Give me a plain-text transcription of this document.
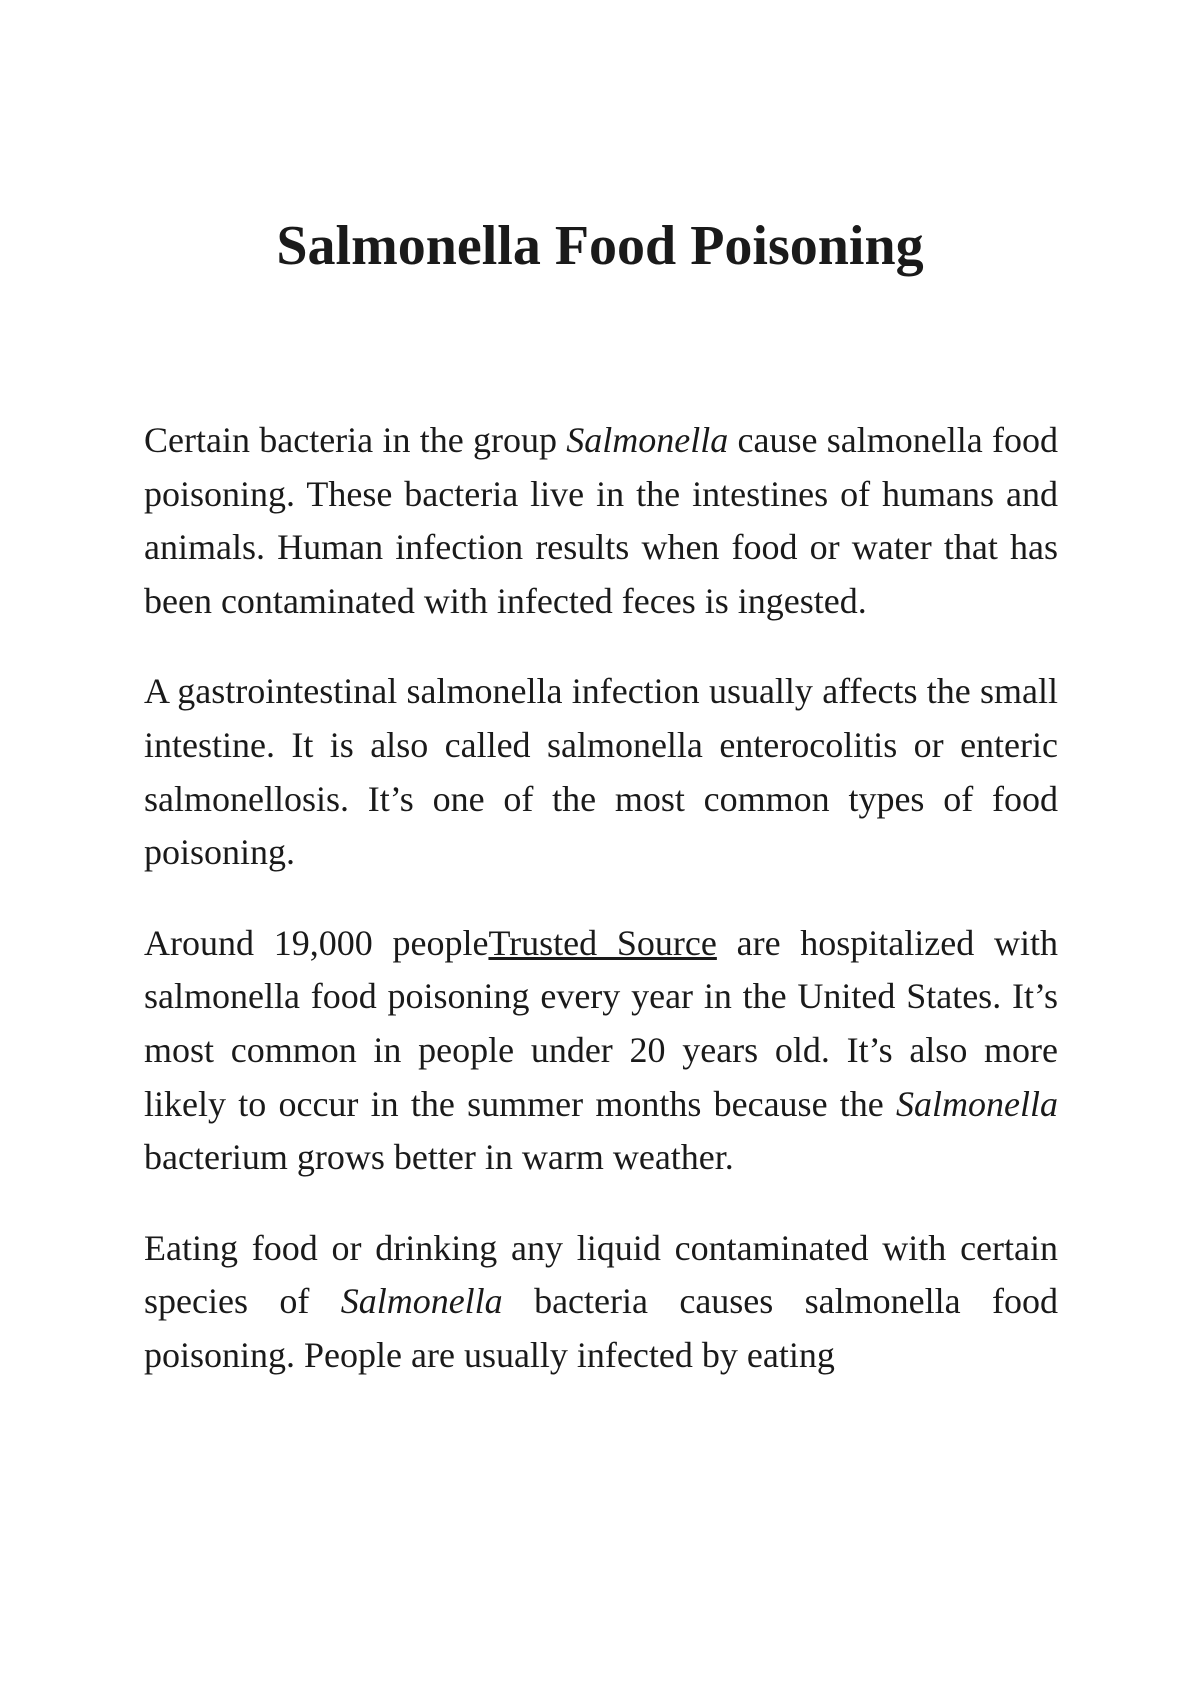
Salmonella Food Poisoning

Certain bacteria in the group Salmonella cause salmonella food poisoning. These bacteria live in the intestines of humans and animals. Human infection results when food or water that has been contaminated with infected feces is ingested.

A gastrointestinal salmonella infection usually affects the small intestine. It is also called salmonella enterocolitis or enteric salmonellosis. It’s one of the most common types of food poisoning.

Around 19,000 peopleTrusted Source are hospitalized with salmonella food poisoning every year in the United States. It’s most common in people under 20 years old. It’s also more likely to occur in the summer months because the Salmonella bacterium grows better in warm weather.

Eating food or drinking any liquid contaminated with certain species of Salmonella bacteria causes salmonella food poisoning. People are usually infected by eating
